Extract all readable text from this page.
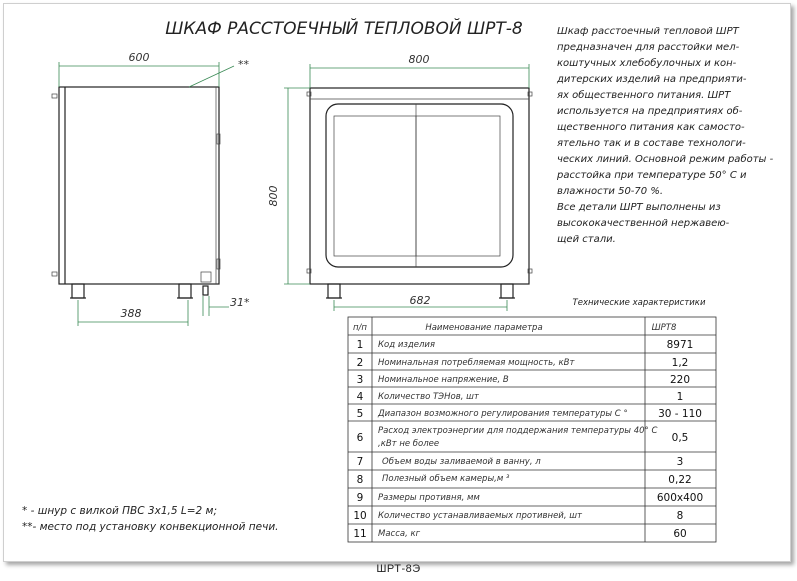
ШКАФ РАССТОЕЧНЫЙ ТЕПЛОВОЙ ШРТ-8
600
**
388
31*
800
800
682
Шкаф расстоечный тепловой ШРТ
предназначен для расстойки мел-
коштучных хлебобулочных и кон-
дитерских изделий на предприяти-
ях общественного питания. ШРТ
используется на предприятиях об-
щественного питания как самосто-
ятельно так и в составе технологи-
ческих линий. Основной режим работы -
расстойка при температуре 50° С и
влажности 50-70 %.
Все детали ШРТ выполнены из
высококачественной нержавею-
щей стали.
Технические характеристики
п/п	Наименование параметра	ШРТ8
1 Код изделия	8971
2 Номинальная потребляемая мощность, кВт	1,2
3 Номинальное напряжение, В	220
4 Количество ТЭНов, шт	1
5 Диапазон возможного регулирования температуры С °	30 - 110
6
Расход электроэнергии для поддержания температуры 40° С
,кВт не более	0,5
7 Объем воды заливаемой в ванну, л	3
8 Полезный объем камеры,м ³	0,22
9 Размеры противня, мм	600х400
10 Количество устанавливаемых противней, шт	8
11 Масса, кг	60
* - шнур с вилкой ПВС 3х1,5 L=2 м;
**- место под установку конвекционной печи.
ШРТ-8Э
